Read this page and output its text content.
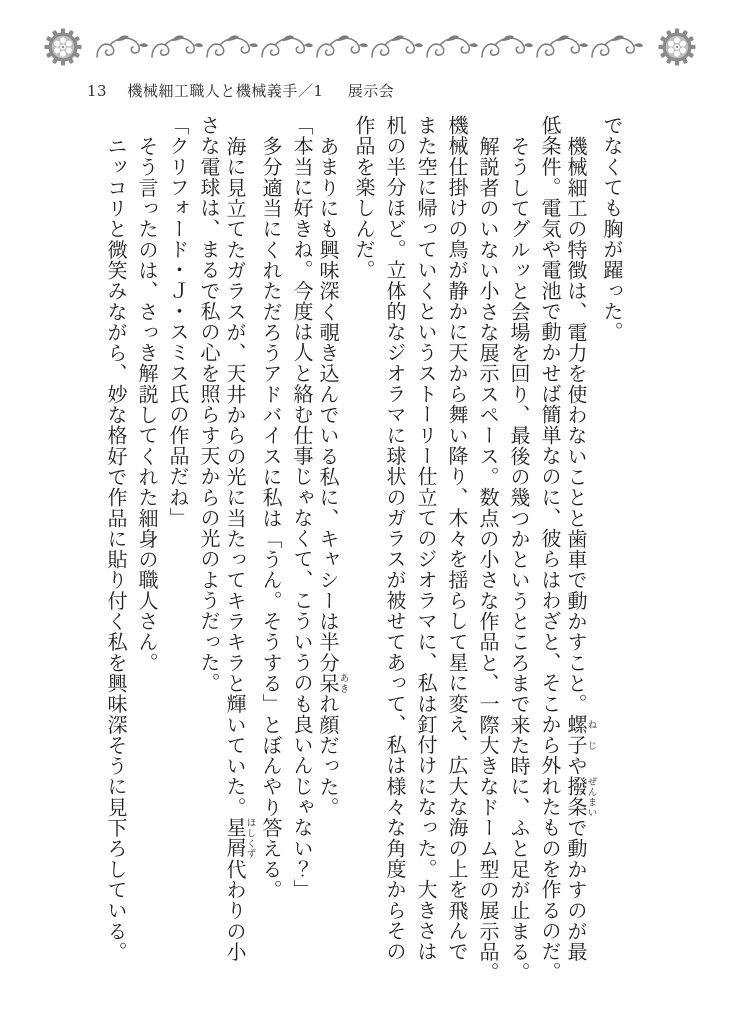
13 機械細工職人と機械義手／1 展示会
でなくても胸が躍った。
機械細工の特徴は、電力を使わないことと歯車で動かすこと。螺子ねじや撥条ぜんまいで動かすのが最
低条件。電気や電池で動かせば簡単なのに、彼らはわざと、そこから外れたものを作るのだ。
そうしてグルッと会場を回り、最後の幾つかというところまで来た時に、ふと足が止まる。
解説者のいない小さな展示スペース。数点の小さな作品と、一際大きなドーム型の展示品。
機械仕掛けの鳥が静かに天から舞い降り、木々を揺らして星に変え、広大な海の上を飛んで
また空に帰っていくというストーリー仕立てのジオラマに、私は釘付けになった。大きさは
机の半分ほど。立体的なジオラマに球状のガラスが被せてあって、私は様々な角度からその
作品を楽しんだ。
あまりにも興味深く覗き込んでいる私に、キャシーは半分呆あきれ顔だった。
「本当に好きね。今度は人と絡む仕事じゃなくて、こういうのも良いんじゃない？」
多分適当にくれただろうアドバイスに私は「うん。そうする」とぼんやり答える。
海に見立てたガラスが、天井からの光に当たってキラキラと輝いていた。星屑ほしくず代わりの小
さな電球は、まるで私の心を照らす天からの光のようだった。
「クリフォード・Ｊ・スミス氏の作品だね」
そう言ったのは、さっき解説してくれた細身の職人さん。
ニッコリと微笑みながら、妙な格好で作品に貼り付く私を興味深そうに見下ろしている。
